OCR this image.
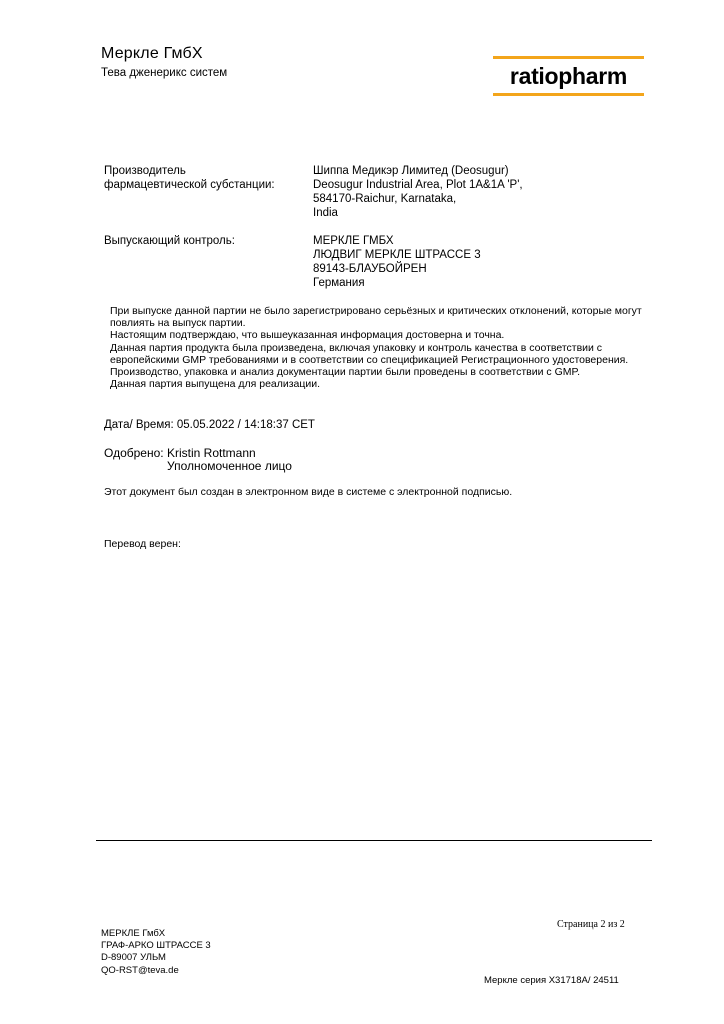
Меркле ГмбХ
Тева дженерикс систем	ratiopharm
Производитель
фармацевтической субстанции:
Шиппа Медикэр Лимитед (Deosugur)
Deosugur Industrial Area, Plot 1A&1A 'P',
584170-Raichur, Karnataka,
India
Выпускающий контроль:	МЕРКЛЕ ГМБХ
ЛЮДВИГ МЕРКЛЕ ШТРАССЕ 3
89143-БЛАУБОЙРЕН
Германия
При выпуске данной партии не было зарегистрировано серьёзных и критических отклонений, которые могут
повлиять на выпуск партии.
Настоящим подтверждаю, что вышеуказанная информация достоверна и точна.
Данная партия продукта была произведена, включая упаковку и контроль качества в соответствии с
европейскими GMP требованиями и в соответствии со спецификацией Регистрационного удостоверения.
Производство, упаковка и анализ документации партии были проведены в соответствии с GMP.
Данная партия выпущена для реализации.
Дата/ Время: 05.05.2022 / 14:18:37 CET
Одобрено: Kristin Rottmann
Уполномоченное лицо
Этот документ был создан в электронном виде в системе с электронной подписью.
Перевод верен:
Страница 2 из 2
МЕРКЛЕ ГмбХ
ГРАФ-АРКО ШТРАССЕ 3
D-89007 УЛЬМ
QO-RST@teva.de
Меркле серия X31718A/ 24511
